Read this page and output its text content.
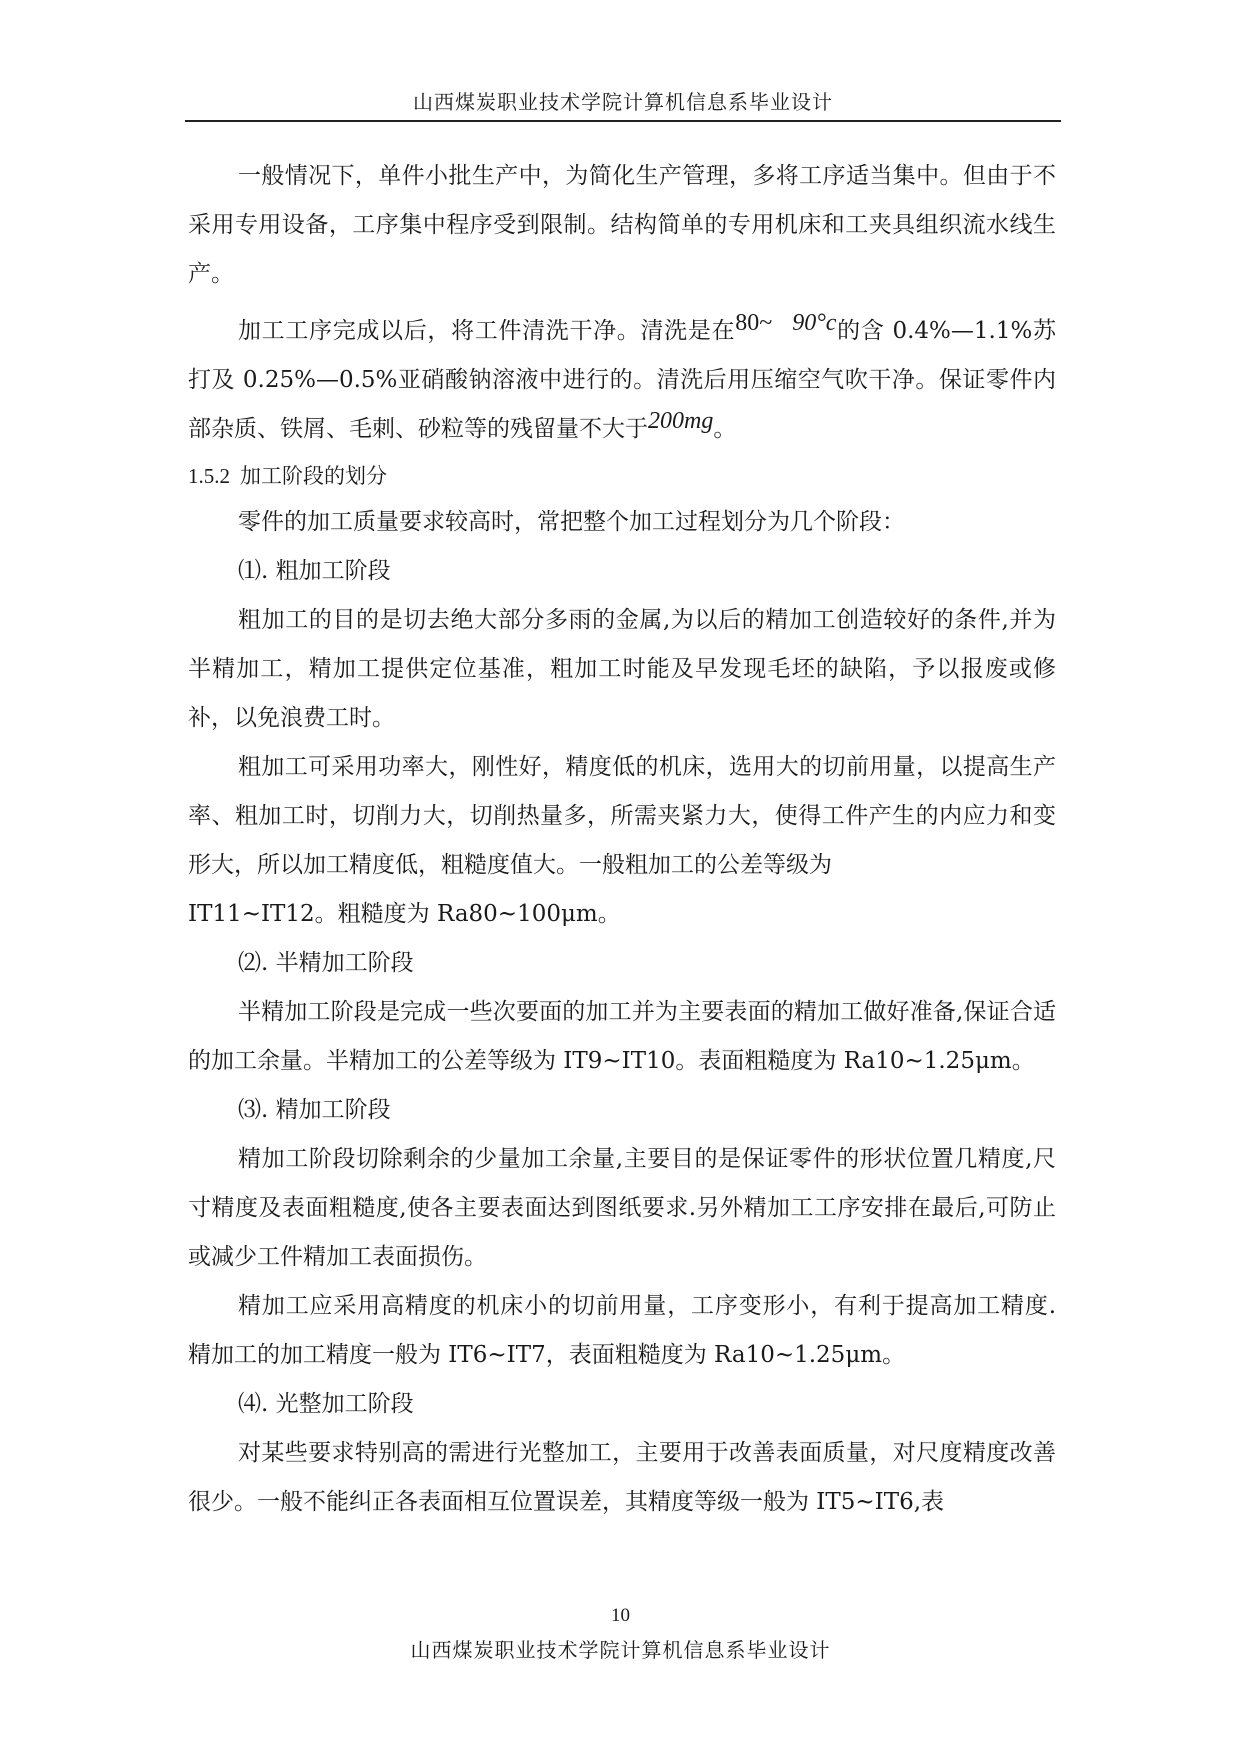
山西煤炭职业技术学院计算机信息系毕业设计

一般情况下，单件小批生产中，为简化生产管理，多将工序适当集中。但由于不采用专用设备，工序集中程序受到限制。结构简单的专用机床和工夹具组织流水线生产。

加工工序完成以后，将工件清洗干净。清洗是在80~ 90°c的含 0.4%—1.1%苏打及 0.25%—0.5%亚硝酸钠溶液中进行的。清洗后用压缩空气吹干净。保证零件内部杂质、铁屑、毛刺、砂粒等的残留量不大于200mg。

1.5.2 加工阶段的划分

零件的加工质量要求较高时，常把整个加工过程划分为几个阶段：

⑴. 粗加工阶段

粗加工的目的是切去绝大部分多雨的金属,为以后的精加工创造较好的条件,并为半精加工，精加工提供定位基准，粗加工时能及早发现毛坯的缺陷，予以报废或修补，以免浪费工时。

粗加工可采用功率大，刚性好，精度低的机床，选用大的切前用量，以提高生产率、粗加工时，切削力大，切削热量多，所需夹紧力大，使得工件产生的内应力和变形大，所以加工精度低，粗糙度值大。一般粗加工的公差等级为

IT11~IT12。粗糙度为 Ra80~100μm。

⑵. 半精加工阶段

半精加工阶段是完成一些次要面的加工并为主要表面的精加工做好准备,保证合适的加工余量。半精加工的公差等级为 IT9~IT10。表面粗糙度为 Ra10~1.25μm。

⑶. 精加工阶段

精加工阶段切除剩余的少量加工余量,主要目的是保证零件的形状位置几精度,尺寸精度及表面粗糙度,使各主要表面达到图纸要求.另外精加工工序安排在最后,可防止或减少工件精加工表面损伤。

精加工应采用高精度的机床小的切前用量，工序变形小，有利于提高加工精度. 精加工的加工精度一般为 IT6~IT7，表面粗糙度为 Ra10~1.25μm。

⑷. 光整加工阶段

对某些要求特别高的需进行光整加工，主要用于改善表面质量，对尺度精度改善很少。一般不能纠正各表面相互位置误差，其精度等级一般为 IT5~IT6,表

10
山西煤炭职业技术学院计算机信息系毕业设计
